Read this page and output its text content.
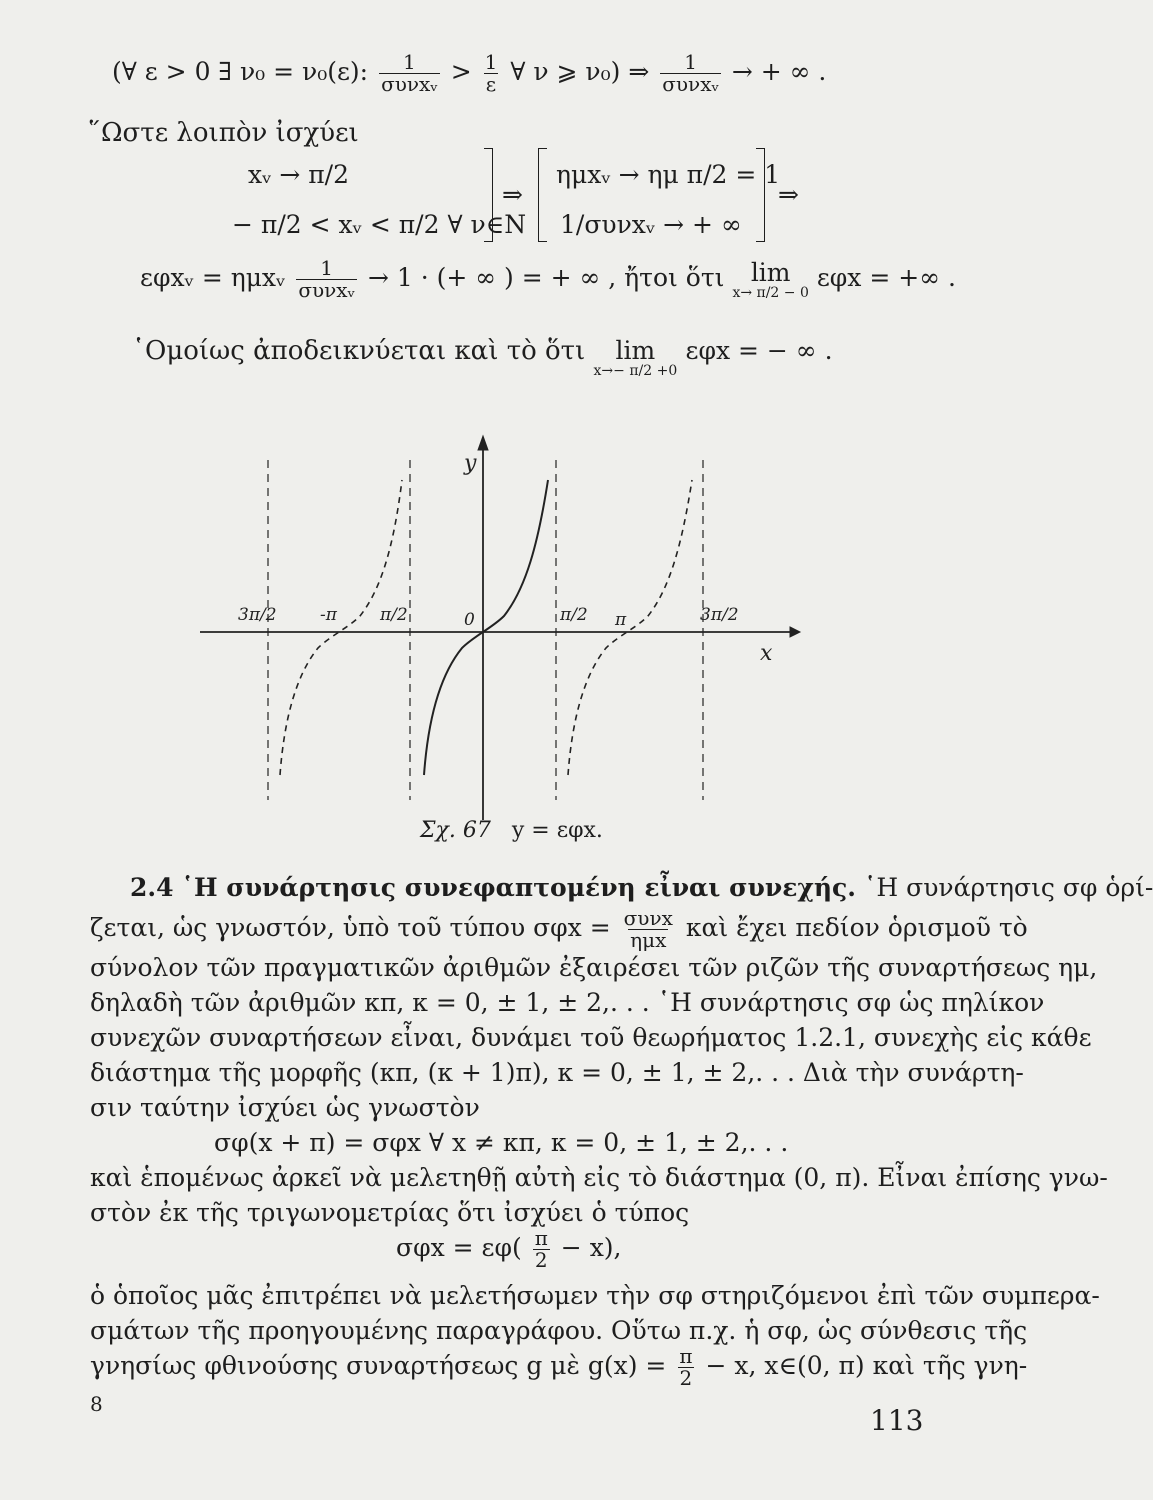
(∀ ε > 0 ∃ ν₀ = ν₀(ε): $\frac{1}{\text{συνxᵥ}} > \frac{1}{\varepsilon}$ ∀ ν ⩾ ν₀) ⇒ $\frac{1}{\text{συνxᵥ}}$ → + ∞ .
῞Ωστε λοιπὸν ἰσχύει
xᵥ → π/2
− π/2 < xᵥ < π/2 ∀ ν∈N
⇒
ημxᵥ → ημ π/2 = 1
1/συνxᵥ → + ∞
⇒
εφxᵥ = ημxᵥ $\frac{1}{\text{συνxᵥ}} \to 1$ · (+ ∞ ) = + ∞ , ἤτοι ὅτι lim
x→ π/2 − 0
εφx = +∞ .
῾Ομοίως ἀποδεικνύεται καὶ τὸ ὅτι lim
x→− π/2 +0
εφx = − ∞ .
y
x
3π/2	-π	π/2	0	π/2 π	3π/2
Σχ. 67 y = εφx.
2.4 ῾Η συνάρτησις συνεφαπτομένη εἶναι συνεχής. ῾Η συνάρτησις σφ ὁρί-
ζεται, ὡς γνωστόν, ὑπὸ τοῦ τύπου $\sigma\varphi x = \frac{\text{συνx}}{\text{ημx}}$ καὶ ἔχει πεδίον ὁρισμοῦ τὸ
σύνολον τῶν πραγματικῶν ἀριθμῶν ἐξαιρέσει τῶν ριζῶν τῆς συναρτήσεως ημ,
δηλαδὴ τῶν ἀριθμῶν κπ, κ = 0, ± 1, ± 2,. . . ῾Η συνάρτησις σφ ὡς πηλίκον
συνεχῶν συναρτήσεων εἶναι, δυνάμει τοῦ θεωρήματος 1.2.1, συνεχὴς εἰς κάθε
διάστημα τῆς μορφῆς (κπ, (κ + 1)π), κ = 0, ± 1, ± 2,. . . Διὰ τὴν συνάρτη-
σιν ταύτην ἰσχύει ὡς γνωστὸν
σφ(x + π) = σφx ∀ x ≠ κπ, κ = 0, ± 1, ± 2,. . .
καὶ ἑπομένως ἀρκεῖ νὰ μελετηθῇ αὐτὴ εἰς τὸ διάστημα (0, π). Εἶναι ἐπίσης γνω-
στὸν ἐκ τῆς τριγωνομετρίας ὅτι ἰσχύει ὁ τύπος
$\sigma\varphi x = \varepsilon\varphi( \frac{\pi}{2} - x)$,
ὁ ὁποῖος μᾶς ἐπιτρέπει νὰ μελετήσωμεν τὴν σφ στηριζόμενοι ἐπὶ τῶν συμπερα-
σμάτων τῆς προηγουμένης παραγράφου. Οὕτω π.χ. ἡ σφ, ὡς σύνθεσις τῆς
γνησίως φθινούσης συναρτήσεως g μὲ $g(x) = \frac{\pi}{2} - x$, x∈(0, π) καὶ τῆς γνη-
8	113
